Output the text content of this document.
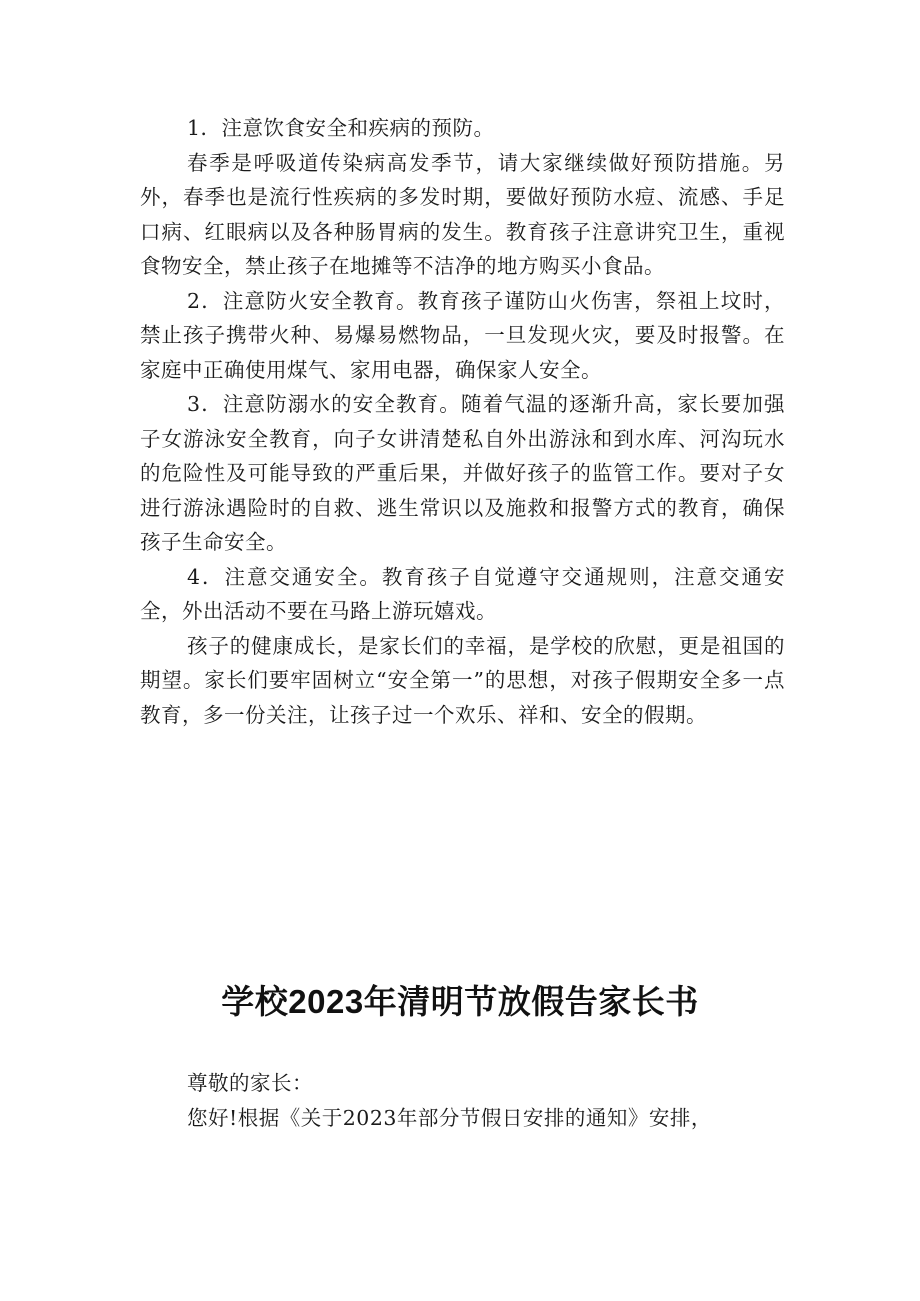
1．注意饮食安全和疾病的预防。

春季是呼吸道传染病高发季节，请大家继续做好预防措施。另外，春季也是流行性疾病的多发时期，要做好预防水痘、流感、手足口病、红眼病以及各种肠胃病的发生。教育孩子注意讲究卫生，重视食物安全，禁止孩子在地摊等不洁净的地方购买小食品。

2．注意防火安全教育。教育孩子谨防山火伤害，祭祖上坟时，禁止孩子携带火种、易爆易燃物品，一旦发现火灾，要及时报警。在家庭中正确使用煤气、家用电器，确保家人安全。

3．注意防溺水的安全教育。随着气温的逐渐升高，家长要加强子女游泳安全教育，向子女讲清楚私自外出游泳和到水库、河沟玩水的危险性及可能导致的严重后果，并做好孩子的监管工作。要对子女进行游泳遇险时的自救、逃生常识以及施救和报警方式的教育，确保孩子生命安全。

4．注意交通安全。教育孩子自觉遵守交通规则，注意交通安全，外出活动不要在马路上游玩嬉戏。

孩子的健康成长，是家长们的幸福，是学校的欣慰，更是祖国的期望。家长们要牢固树立“安全第一”的思想，对孩子假期安全多一点教育，多一份关注，让孩子过一个欢乐、祥和、安全的假期。

学校2023年清明节放假告家长书

尊敬的家长：

您好!根据《关于2023年部分节假日安排的通知》安排，
